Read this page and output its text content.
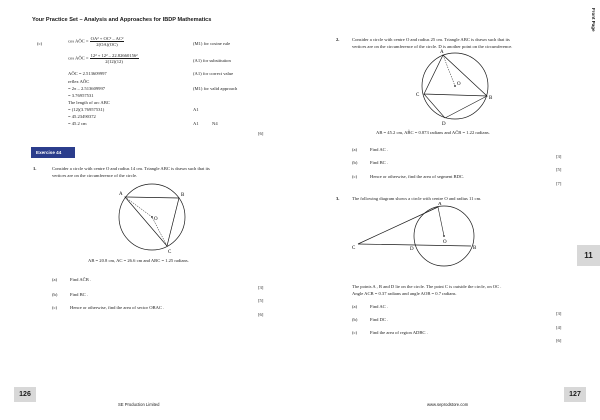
Your Practice Set – Analysis and Approaches for IBDP Mathematics	Front Page
(c)	cos AÔC = $\frac{\text{OA² + OC² – AC²}}{2(OA)(OC)}$	(M1) for cosine rule
cos AÔC = $\frac{\text{12² + 12² – 22.82660156²}}{2(12)(12)}$	(A1) for substitution
AÔC = 2.513609997	(A1) for correct value
reflex AÔC
= 2π – 2.513609997	(M1) for valid approach
= 3.76957531
The length of arc ABC
= (12)(3.76957531)	A1
= 45.23490372
= 45.2 cm	A1	N4
[6]
Exercise 44
1.	Consider a circle with centre O and radius 14 cm. Triangle ABC is drawn such that its
vertices are on the circumference of the circle.
A	B
C
O
AB = 20.8 cm, AC = 26.6 cm and ABC = 1.25 radians.
(a)	Find AĈB .
[3]
(b)	Find BC .
[5]
(c)	Hence or otherwise, find the area of sector OBAC .
[6]
126
SE Production Limited
2.	Consider a circle with centre O and radius 25 cm. Triangle ABC is drawn such that its
vertices are on the circumference of the circle. D is another point on the circumference.
A
B
C
D
O
AB = 45.2 cm, AB̂C = 0.873 radians and AĈB = 1.22 radians.
(a)	Find AC .
[3]
(b)	Find BC .
[5]
(c)	Hence or otherwise, find the area of segment BDC.
[7]
3.	The following diagram shows a circle with centre O and radius 11 cm.
A
B
C	D
O
The points A , B and D lie on the circle. The point C is outside the circle, on OC .
Angle ACB = 0.37 radians and angle AOB = 0.7 radians.
(a)	Find AC .
[3]
(b)	Find DC .
[4]
(c)	Find the area of region ADBC .
[6]
11
127
www.seprodstore.com
